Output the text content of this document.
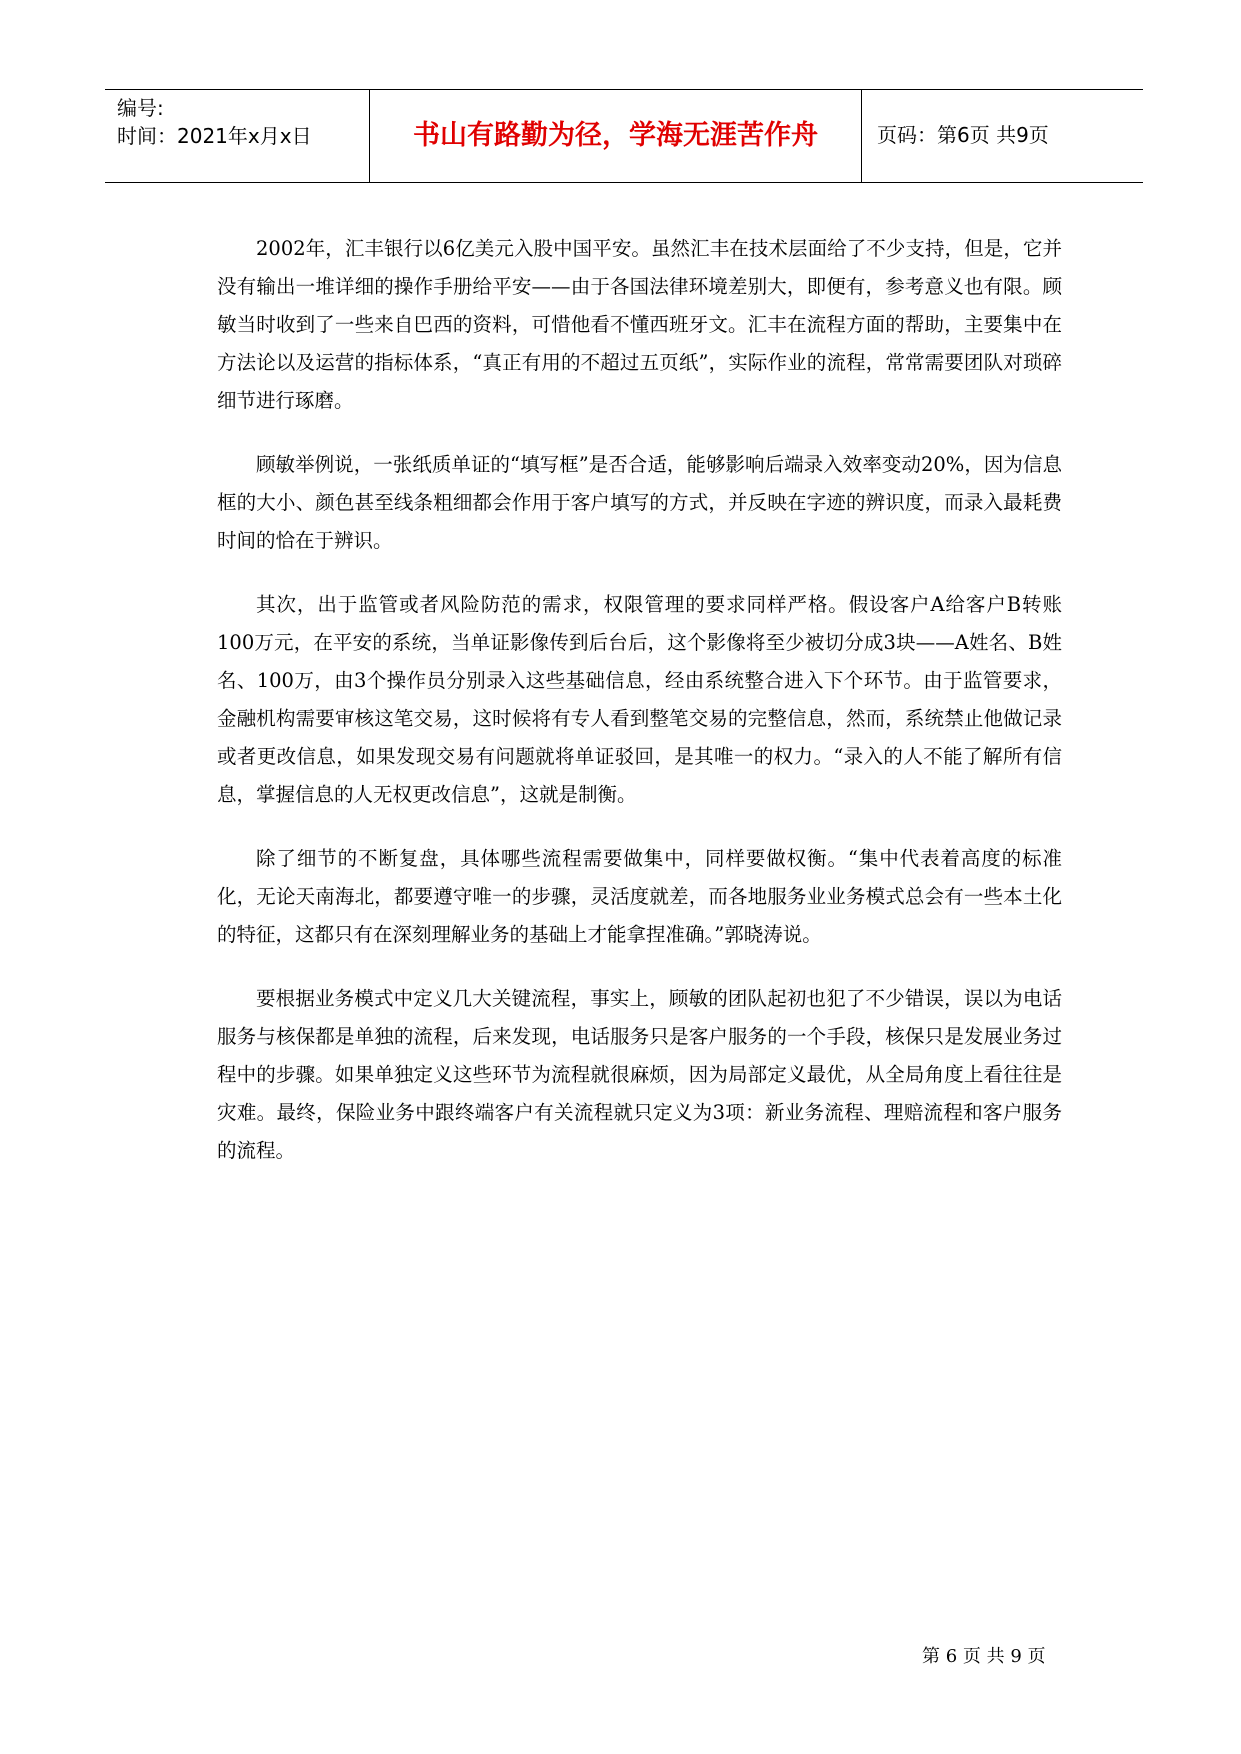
编号:
时间：2021年x月x日	书山有路勤为径，学海无涯苦作舟	页码：第6页 共9页

2002年，汇丰银行以6亿美元入股中国平安。虽然汇丰在技术层面给了不少支持，但是，它并没有输出一堆详细的操作手册给平安——由于各国法律环境差别大，即便有，参考意义也有限。顾敏当时收到了一些来自巴西的资料，可惜他看不懂西班牙文。汇丰在流程方面的帮助，主要集中在方法论以及运营的指标体系，“真正有用的不超过五页纸”，实际作业的流程，常常需要团队对琐碎细节进行琢磨。

顾敏举例说，一张纸质单证的“填写框”是否合适，能够影响后端录入效率变动20%，因为信息框的大小、颜色甚至线条粗细都会作用于客户填写的方式，并反映在字迹的辨识度，而录入最耗费时间的恰在于辨识。

其次，出于监管或者风险防范的需求，权限管理的要求同样严格。假设客户A给客户B转账100万元，在平安的系统，当单证影像传到后台后，这个影像将至少被切分成3块——A姓名、B姓名、100万，由3个操作员分别录入这些基础信息，经由系统整合进入下个环节。由于监管要求，金融机构需要审核这笔交易，这时候将有专人看到整笔交易的完整信息，然而，系统禁止他做记录或者更改信息，如果发现交易有问题就将单证驳回，是其唯一的权力。“录入的人不能了解所有信息，掌握信息的人无权更改信息”，这就是制衡。

除了细节的不断复盘，具体哪些流程需要做集中，同样要做权衡。“集中代表着高度的标准化，无论天南海北，都要遵守唯一的步骤，灵活度就差，而各地服务业业务模式总会有一些本土化的特征，这都只有在深刻理解业务的基础上才能拿捏准确。”郭晓涛说。

要根据业务模式中定义几大关键流程，事实上，顾敏的团队起初也犯了不少错误，误以为电话服务与核保都是单独的流程，后来发现，电话服务只是客户服务的一个手段，核保只是发展业务过程中的步骤。如果单独定义这些环节为流程就很麻烦，因为局部定义最优，从全局角度上看往往是灾难。最终，保险业务中跟终端客户有关流程就只定义为3项：新业务流程、理赔流程和客户服务的流程。

第 6 页 共 9 页
